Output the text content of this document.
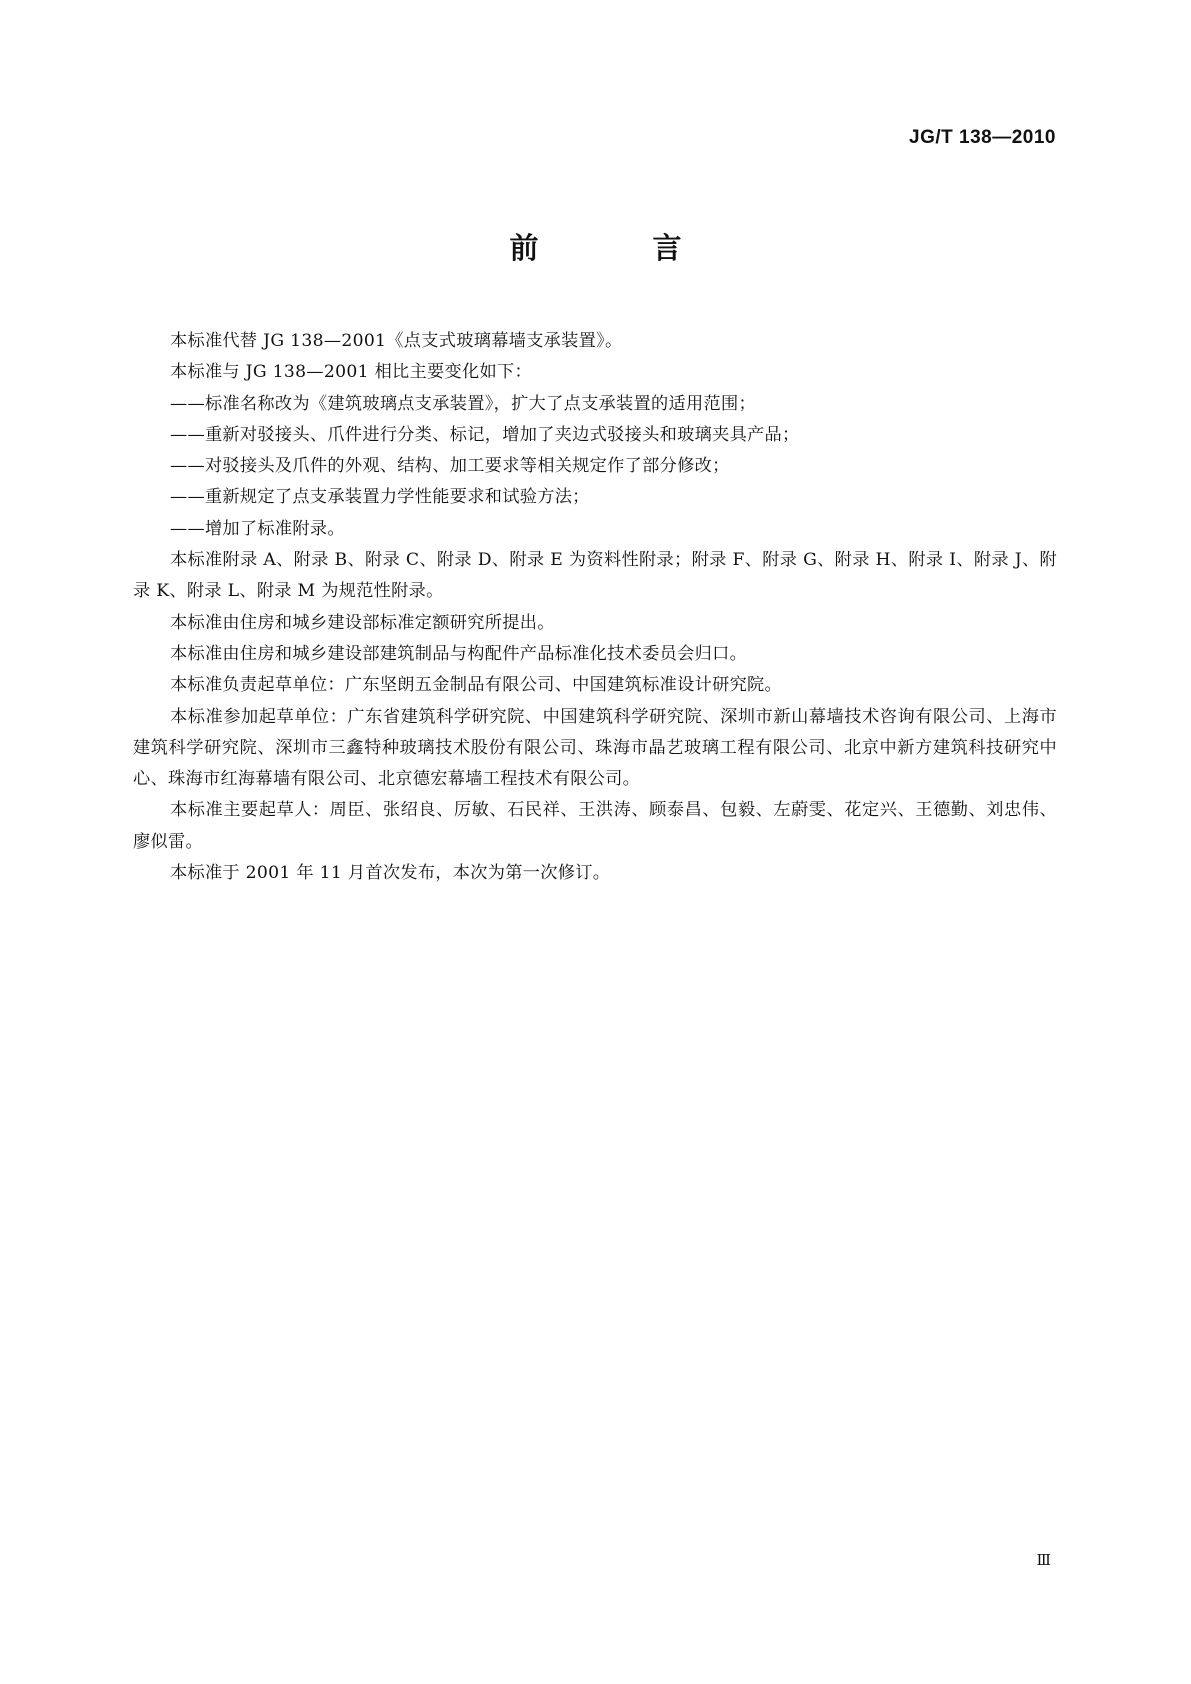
JG/T 138—2010
前 言

本标准代替 JG 138—2001《点支式玻璃幕墙支承装置》。

本标准与 JG 138—2001 相比主要变化如下：

——标准名称改为《建筑玻璃点支承装置》，扩大了点支承装置的适用范围；

——重新对驳接头、爪件进行分类、标记，增加了夹边式驳接头和玻璃夹具产品；

——对驳接头及爪件的外观、结构、加工要求等相关规定作了部分修改；

——重新规定了点支承装置力学性能要求和试验方法；

——增加了标准附录。

本标准附录 A、附录 B、附录 C、附录 D、附录 E 为资料性附录；附录 F、附录 G、附录 H、附录 I、附录 J、附录 K、附录 L、附录 M 为规范性附录。

本标准由住房和城乡建设部标准定额研究所提出。

本标准由住房和城乡建设部建筑制品与构配件产品标准化技术委员会归口。

本标准负责起草单位：广东坚朗五金制品有限公司、中国建筑标准设计研究院。

本标准参加起草单位：广东省建筑科学研究院、中国建筑科学研究院、深圳市新山幕墙技术咨询有限公司、上海市建筑科学研究院、深圳市三鑫特种玻璃技术股份有限公司、珠海市晶艺玻璃工程有限公司、北京中新方建筑科技研究中心、珠海市红海幕墙有限公司、北京德宏幕墙工程技术有限公司。

本标准主要起草人：周臣、张绍良、厉敏、石民祥、王洪涛、顾泰昌、包毅、左蔚雯、花定兴、王德勤、刘忠伟、廖似雷。

本标准于 2001 年 11 月首次发布，本次为第一次修订。

Ⅲ
